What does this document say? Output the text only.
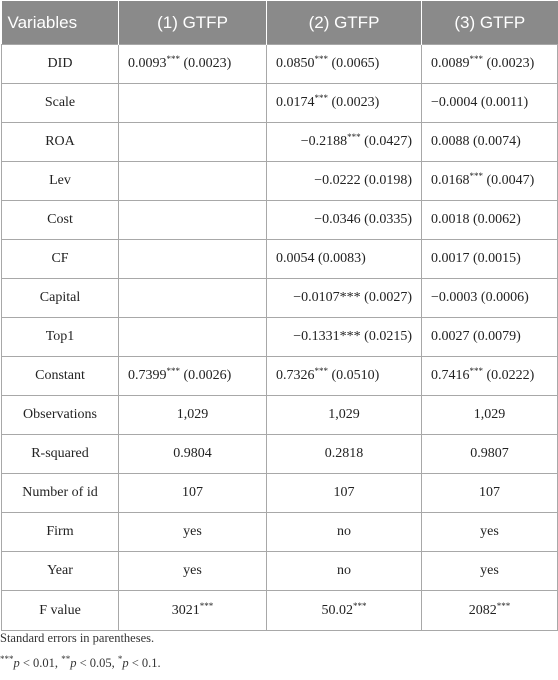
Variables	(1) GTFP	(2) GTFP	(3) GTFP
DID	0.0093*** (0.0023)	0.0850*** (0.0065)	0.0089*** (0.0023)
Scale		0.0174*** (0.0023)	−0.0004 (0.0011)
ROA		−0.2188*** (0.0427)	0.0088 (0.0074)
Lev		−0.0222 (0.0198)	0.0168*** (0.0047)
Cost		−0.0346 (0.0335)	0.0018 (0.0062)
CF		0.0054 (0.0083)	0.0017 (0.0015)
Capital		−0.0107*** (0.0027)	−0.0003 (0.0006)
Top1		−0.1331*** (0.0215)	0.0027 (0.0079)
Constant	0.7399*** (0.0026)	0.7326*** (0.0510)	0.7416*** (0.0222)
Observations	1,029	1,029	1,029
R-squared	0.9804	0.2818	0.9807
Number of id	107	107	107
Firm	yes	no	yes
Year	yes	no	yes
F value	3021***	50.02***	2082***
Standard errors in parentheses.
***p < 0.01, **p < 0.05, *p < 0.1.
